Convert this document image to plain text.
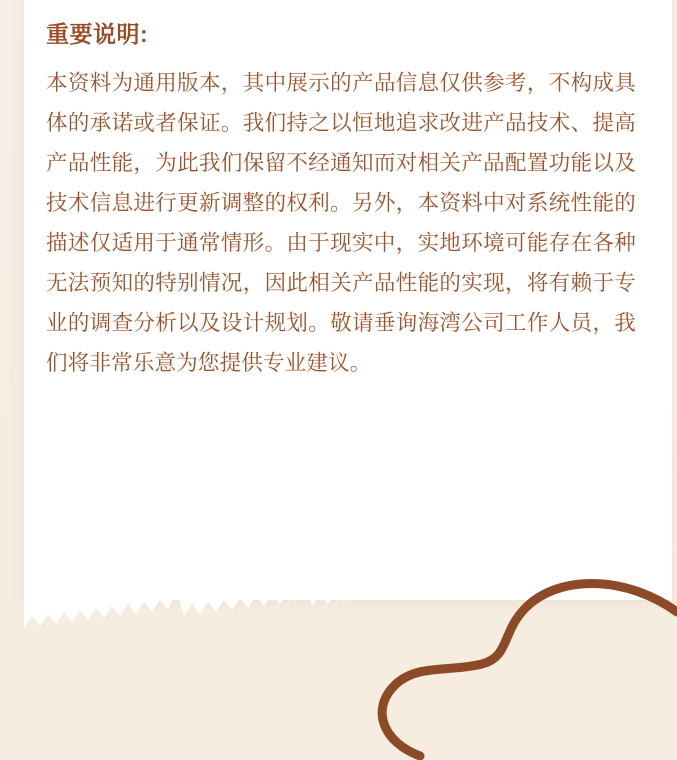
重要说明:

本资料为通用版本，其中展示的产品信息仅供参考，不构成具体的承诺或者保证。我们持之以恒地追求改进产品技术、提高产品性能，为此我们保留不经通知而对相关产品配置功能以及技术信息进行更新调整的权利。另外，本资料中对系统性能的描述仅适用于通常情形。由于现实中，实地环境可能存在各种无法预知的特别情况，因此相关产品性能的实现，将有赖于专业的调查分析以及设计规划。敬请垂询海湾公司工作人员，我们将非常乐意为您提供专业建议。
